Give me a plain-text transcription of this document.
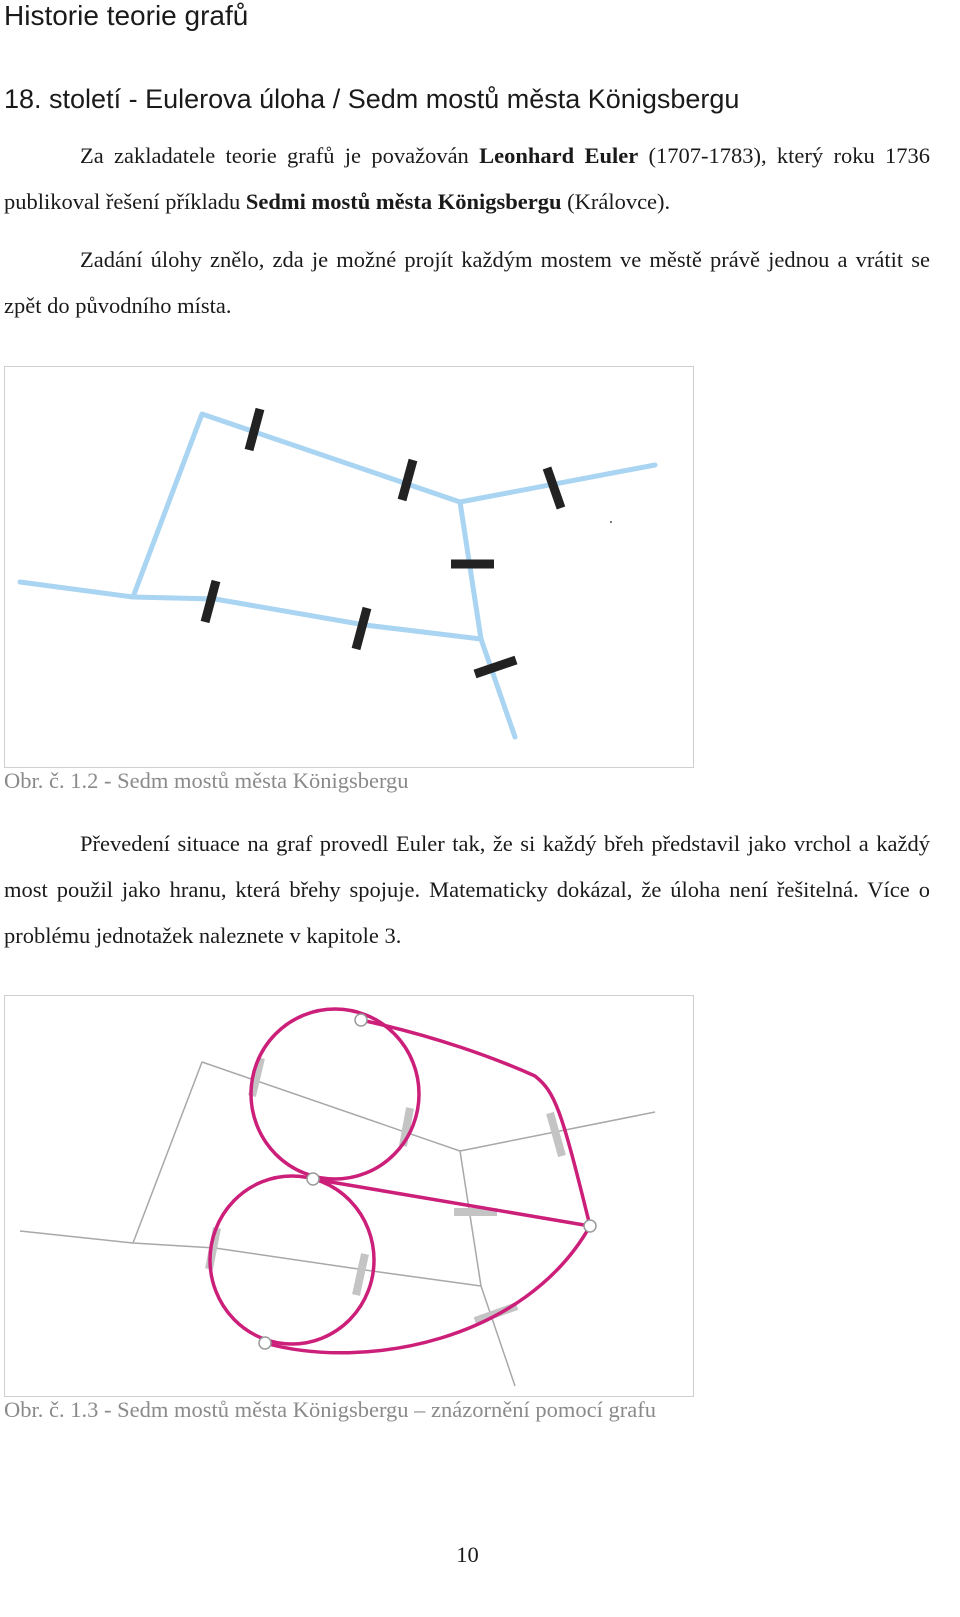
Historie teorie grafů
18. století - Eulerova úloha / Sedm mostů města Königsbergu

Za zakladatele teorie grafů je považován Leonhard Euler (1707-1783), který roku 1736 publikoval řešení příkladu Sedmi mostů města Königsbergu (Královce).

Zadání úlohy znělo, zda je možné projít každým mostem ve městě právě jednou a vrátit se zpět do původního místa.

Obr. č. 1.2 - Sedm mostů města Königsbergu

Převedení situace na graf provedl Euler tak, že si každý břeh představil jako vrchol a každý most použil jako hranu, která břehy spojuje. Matematicky dokázal, že úloha není řešitelná. Více o problému jednotažek naleznete v kapitole 3.

Obr. č. 1.3 - Sedm mostů města Königsbergu – znázornění pomocí grafu
10
